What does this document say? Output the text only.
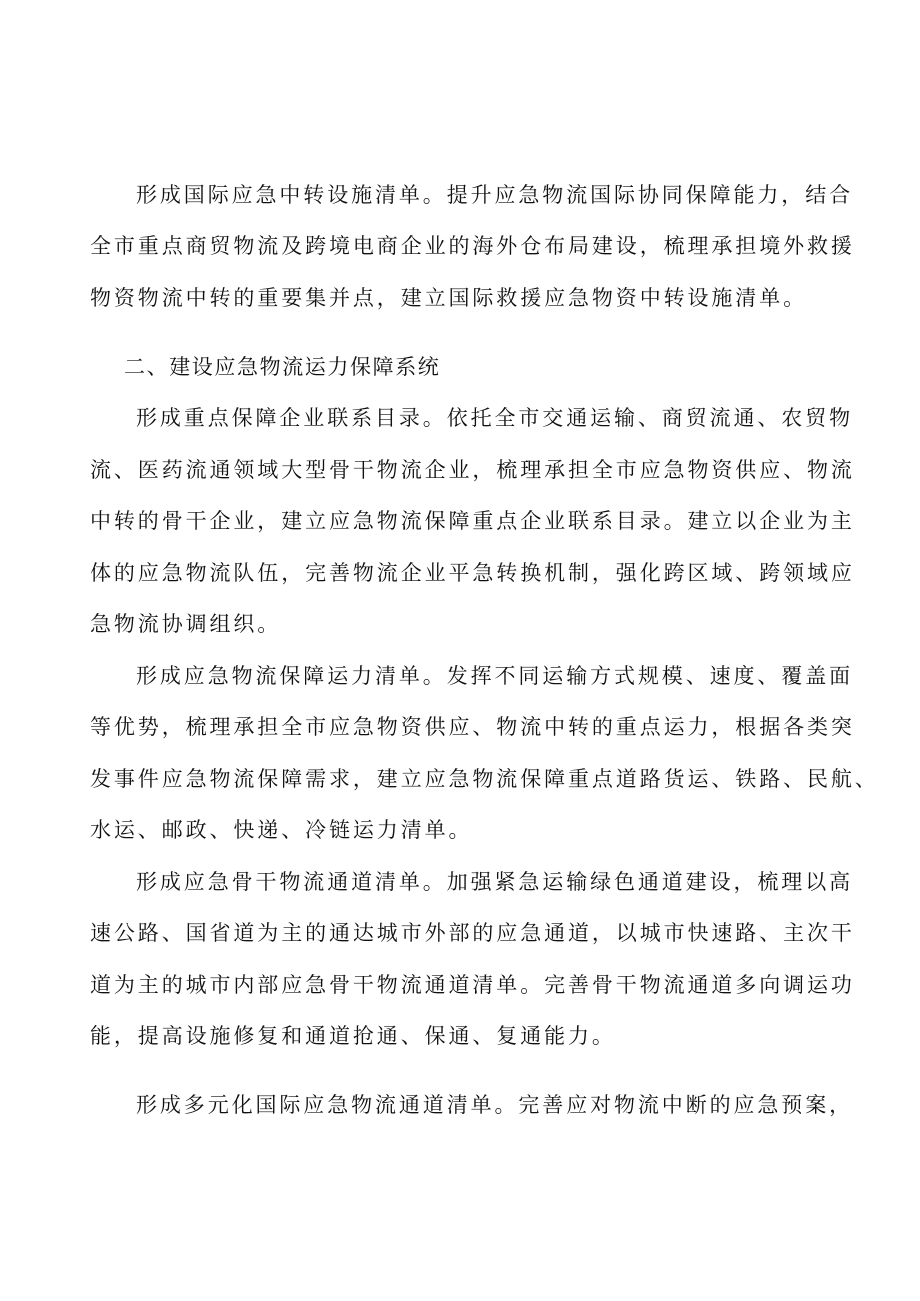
形成国际应急中转设施清单。提升应急物流国际协同保障能力，结合
全市重点商贸物流及跨境电商企业的海外仓布局建设，梳理承担境外救援
物资物流中转的重要集并点，建立国际救援应急物资中转设施清单。
二、建设应急物流运力保障系统
形成重点保障企业联系目录。依托全市交通运输、商贸流通、农贸物
流、医药流通领域大型骨干物流企业，梳理承担全市应急物资供应、物流
中转的骨干企业，建立应急物流保障重点企业联系目录。建立以企业为主
体的应急物流队伍，完善物流企业平急转换机制，强化跨区域、跨领域应
急物流协调组织。
形成应急物流保障运力清单。发挥不同运输方式规模、速度、覆盖面
等优势，梳理承担全市应急物资供应、物流中转的重点运力，根据各类突
发事件应急物流保障需求，建立应急物流保障重点道路货运、铁路、民航、
水运、邮政、快递、冷链运力清单。
形成应急骨干物流通道清单。加强紧急运输绿色通道建设，梳理以高
速公路、国省道为主的通达城市外部的应急通道，以城市快速路、主次干
道为主的城市内部应急骨干物流通道清单。完善骨干物流通道多向调运功
能，提高设施修复和通道抢通、保通、复通能力。
形成多元化国际应急物流通道清单。完善应对物流中断的应急预案，
